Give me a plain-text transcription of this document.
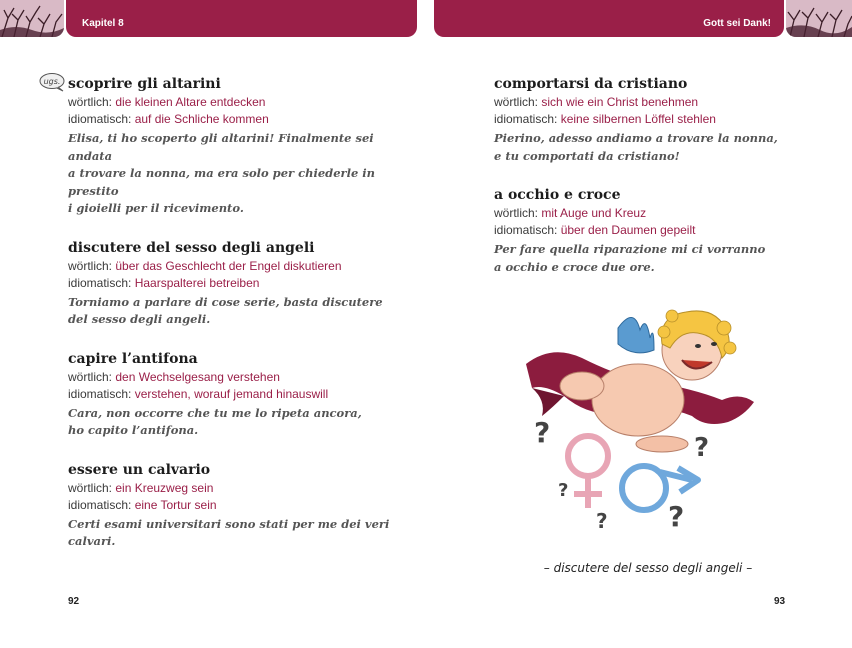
Kapitel 8	Gott sei Dank!
ugs. scoprire gli altarini
wörtlich: die kleinen Altare entdecken
idiomatisch: auf die Schliche kommen
Elisa, ti ho scoperto gli altarini! Finalmente sei andata
a trovare la nonna, ma era solo per chiederle in prestito
i gioielli per il ricevimento.
discutere del sesso degli angeli
wörtlich: über das Geschlecht der Engel diskutieren
idiomatisch: Haarspalterei betreiben
Torniamo a parlare di cose serie, basta discutere
del sesso degli angeli.
capire l’antifona
wörtlich: den Wechselgesang verstehen
idiomatisch: verstehen, worauf jemand hinauswill
Cara, non occorre che tu me lo ripeta ancora,
ho capito l’antifona.
essere un calvario
wörtlich: ein Kreuzweg sein
idiomatisch: eine Tortur sein
Certi esami universitari sono stati per me dei veri calvari.
comportarsi da cristiano
wörtlich: sich wie ein Christ benehmen
idiomatisch: keine silbernen Löffel stehlen
Pierino, adesso andiamo a trovare la nonna,
e tu comportati da cristiano!
a occhio e croce
wörtlich: mit Auge und Kreuz
idiomatisch: über den Daumen gepeilt
Per fare quella riparazione mi ci vorranno
a occhio e croce due ore.
?	?
?
? ?
– discutere del sesso degli angeli –
92	93
